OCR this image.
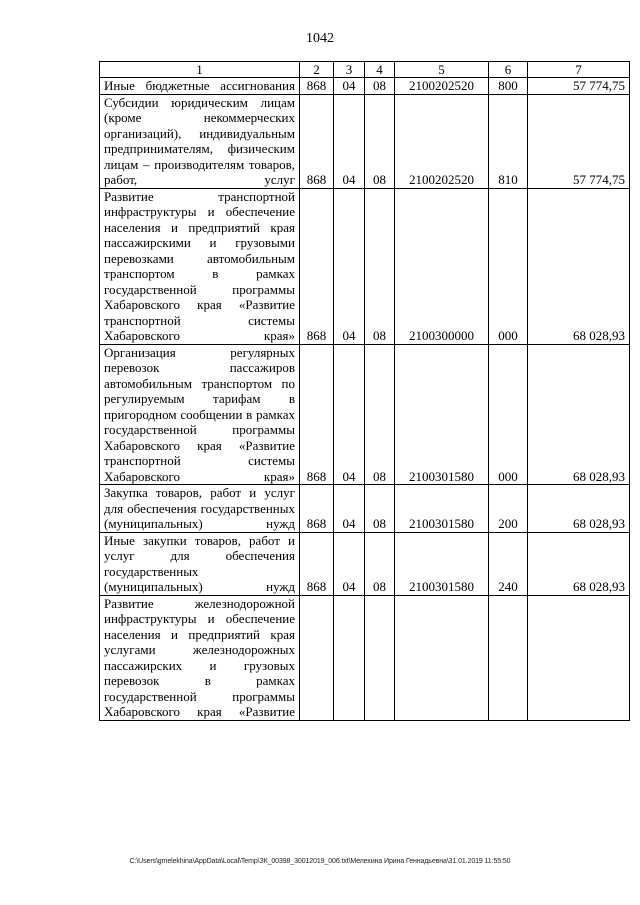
1042
1	2	3	4	5	6	7
Иные бюджетные ассигнования	868	04	08	2100202520	800	57 774,75
Субсидии юридическим лицам (кроме некоммерческих организаций), индивидуальным предпринимателям, физическим лицам – производителям товаров, работ, услуг	868	04	08	2100202520	810	57 774,75
Развитие транспортной инфраструктуры и обеспечение населения и предприятий края пассажирскими и грузовыми перевозками автомобильным транспортом в рамках государственной программы Хабаровского края «Развитие транспортной системы Хабаровского края»	868	04	08	2100300000	000	68 028,93
Организация регулярных перевозок пассажиров автомобильным транспортом по регулируемым тарифам в пригородном сообщении в рамках государственной программы Хабаровского края «Развитие транспортной системы Хабаровского края»	868	04	08	2100301580	000	68 028,93
Закупка товаров, работ и услуг для обеспечения государственных (муниципальных) нужд	868	04	08	2100301580	200	68 028,93
Иные закупки товаров, работ и услуг для обеспечения государственных (муниципальных) нужд	868	04	08	2100301580	240	68 028,93
Развитие железнодорожной инфраструктуры и обеспечение населения и предприятий края услугами железнодорожных пассажирских и грузовых перевозок в рамках государственной программы Хабаровского края «Развитие						
C:\Users\gmelekhina\AppData\Local\Temp\ЗК_00398_30012019_006.txt\Мелехина Ирина Геннадьевна\31.01.2019 11:55:50
